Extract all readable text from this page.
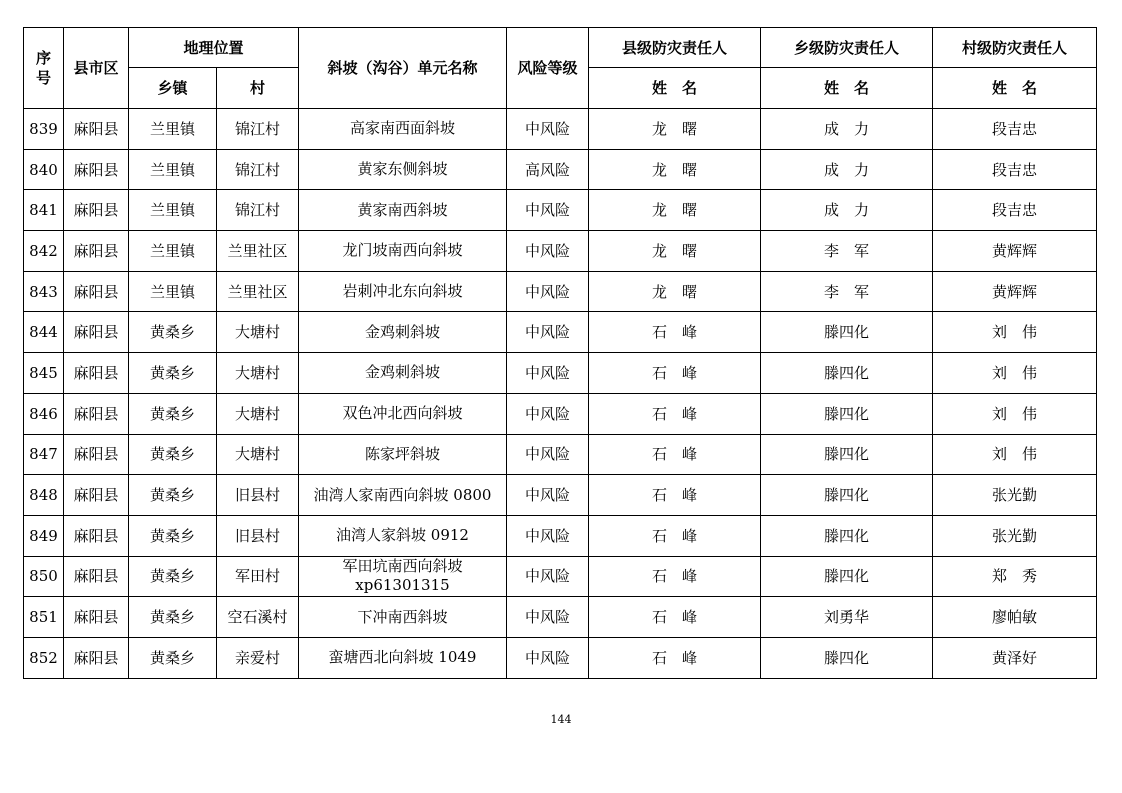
序
号	县市区	地理位置		斜坡（沟谷）单元名称	风险等级	县级防灾责任人	乡级防灾责任人	村级防灾责任人
		乡镇	村			姓　名	姓　名	姓　名
839	麻阳县	兰里镇	锦江村	高家南西面斜坡	中风险	龙　曙	成　力	段吉忠
840	麻阳县	兰里镇	锦江村	黄家东侧斜坡	高风险	龙　曙	成　力	段吉忠
841	麻阳县	兰里镇	锦江村	黄家南西斜坡	中风险	龙　曙	成　力	段吉忠
842	麻阳县	兰里镇	兰里社区	龙门坡南西向斜坡	中风险	龙　曙	李　军	黄辉辉
843	麻阳县	兰里镇	兰里社区	岩刺冲北东向斜坡	中风险	龙　曙	李　军	黄辉辉
844	麻阳县	黄桑乡	大塘村	金鸡刺斜坡	中风险	石　峰	滕四化	刘　伟
845	麻阳县	黄桑乡	大塘村	金鸡刺斜坡	中风险	石　峰	滕四化	刘　伟
846	麻阳县	黄桑乡	大塘村	双色冲北西向斜坡	中风险	石　峰	滕四化	刘　伟
847	麻阳县	黄桑乡	大塘村	陈家坪斜坡	中风险	石　峰	滕四化	刘　伟
848	麻阳县	黄桑乡	旧县村	油湾人家南西向斜坡 0800	中风险	石　峰	滕四化	张光勤
849	麻阳县	黄桑乡	旧县村	油湾人家斜坡 0912	中风险	石　峰	滕四化	张光勤
850	麻阳县	黄桑乡	军田村	军田坑南西向斜坡
xp61301315	中风险	石　峰	滕四化	郑　秀
851	麻阳县	黄桑乡	空石溪村	下冲南西斜坡	中风险	石　峰	刘勇华	廖帕敏
852	麻阳县	黄桑乡	亲爱村	蛮塘西北向斜坡 1049	中风险	石　峰	滕四化	黄泽好
144
